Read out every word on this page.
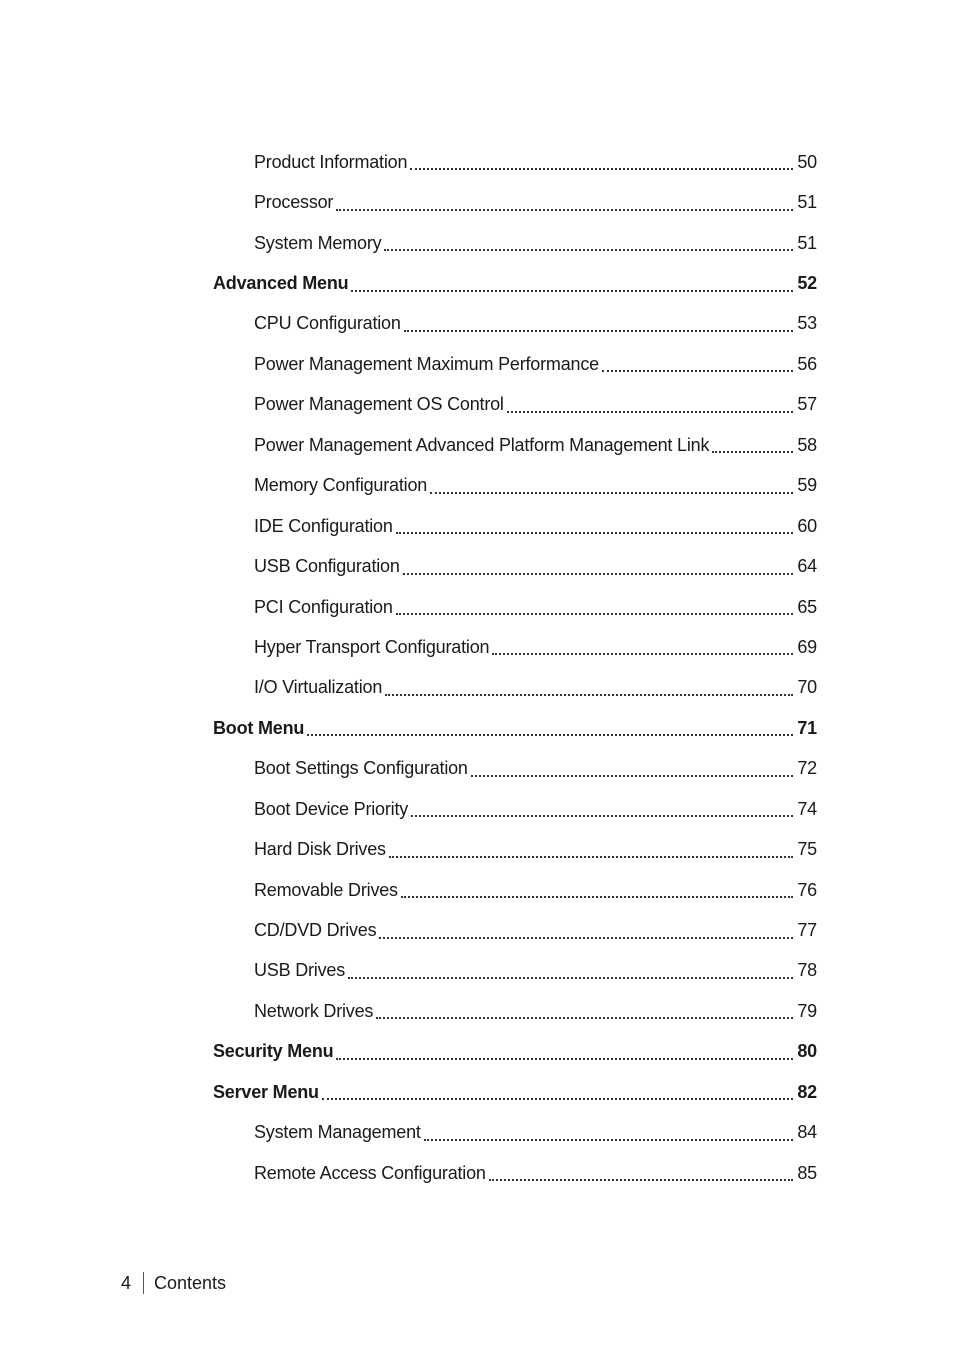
Product Information	50
Processor	51
System Memory	51
Advanced Menu	52
CPU Configuration	53
Power Management Maximum Performance	56
Power Management OS Control	57
Power Management Advanced Platform Management Link	58
Memory Configuration	59
IDE Configuration	60
USB Configuration	64
PCI Configuration	65
Hyper Transport Configuration	69
I/O Virtualization	70
Boot Menu	71
Boot Settings Configuration	72
Boot Device Priority	74
Hard Disk Drives	75
Removable Drives	76
CD/DVD Drives	77
USB Drives	78
Network Drives	79
Security Menu	80
Server Menu	82
System Management	84
Remote Access Configuration	85
4 Contents
